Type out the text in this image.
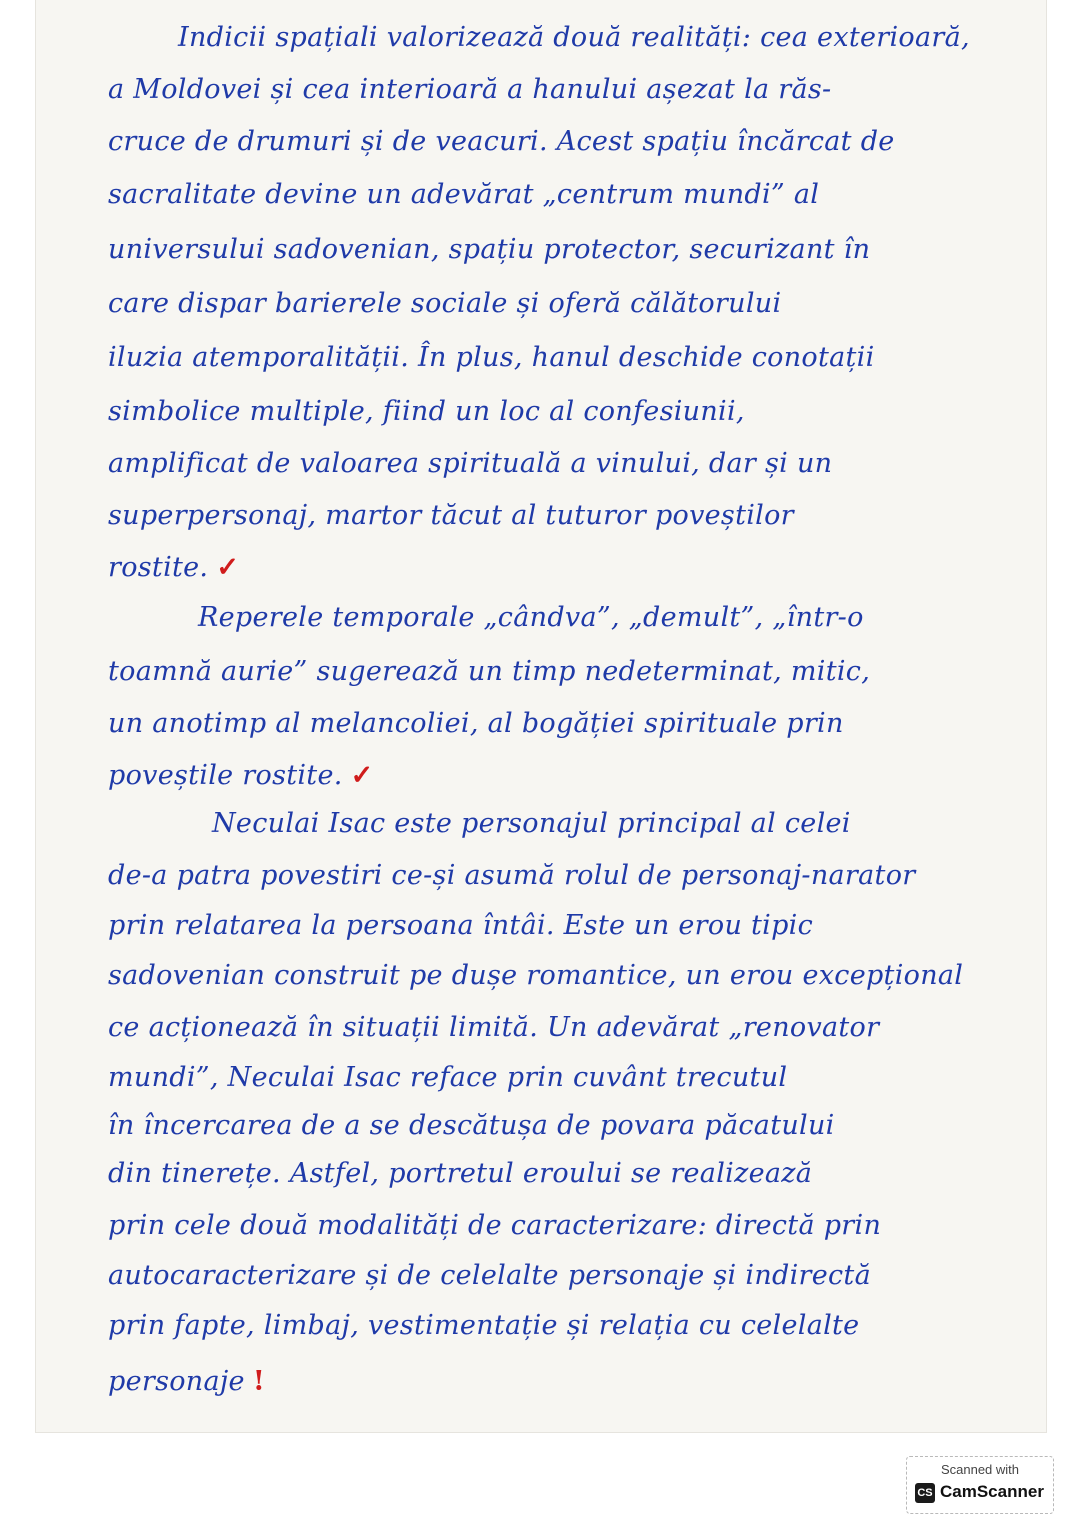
Indicii spațiali valorizează două realități: cea exterioară,
a Moldovei și cea interioară a hanului așezat la răs-
cruce de drumuri și de veacuri. Acest spațiu încărcat de
sacralitate devine un adevărat „centrum mundi” al
universului sadovenian, spațiu protector, securizant în
care dispar barierele sociale și oferă călătorului
iluzia atemporalității. În plus, hanul deschide conotații
simbolice multiple, fiind un loc al confesiunii,
amplificat de valoarea spirituală a vinului, dar și un
superpersonaj, martor tăcut al tuturor poveștilor
rostite. ✓
Reperele temporale „cândva”, „demult”, „într-o
toamnă aurie” sugerează un timp nedeterminat, mitic,
un anotimp al melancoliei, al bogăției spirituale prin
poveștile rostite. ✓
Neculai Isac este personajul principal al celei
de-a patra povestiri ce-și asumă rolul de personaj-narator
prin relatarea la persoana întâi. Este un erou tipic
sadovenian construit pe dușe romantice, un erou excepțional
ce acționează în situații limită. Un adevărat „renovator
mundi”, Neculai Isac reface prin cuvânt trecutul
în încercarea de a se descătușa de povara păcatului
din tinerețe. Astfel, portretul eroului se realizează
prin cele două modalități de caracterizare: directă prin
autocaracterizare și de celelalte personaje și indirectă
prin fapte, limbaj, vestimentație și relația cu celelalte
personaje !
Scanned with
CS CamScanner
